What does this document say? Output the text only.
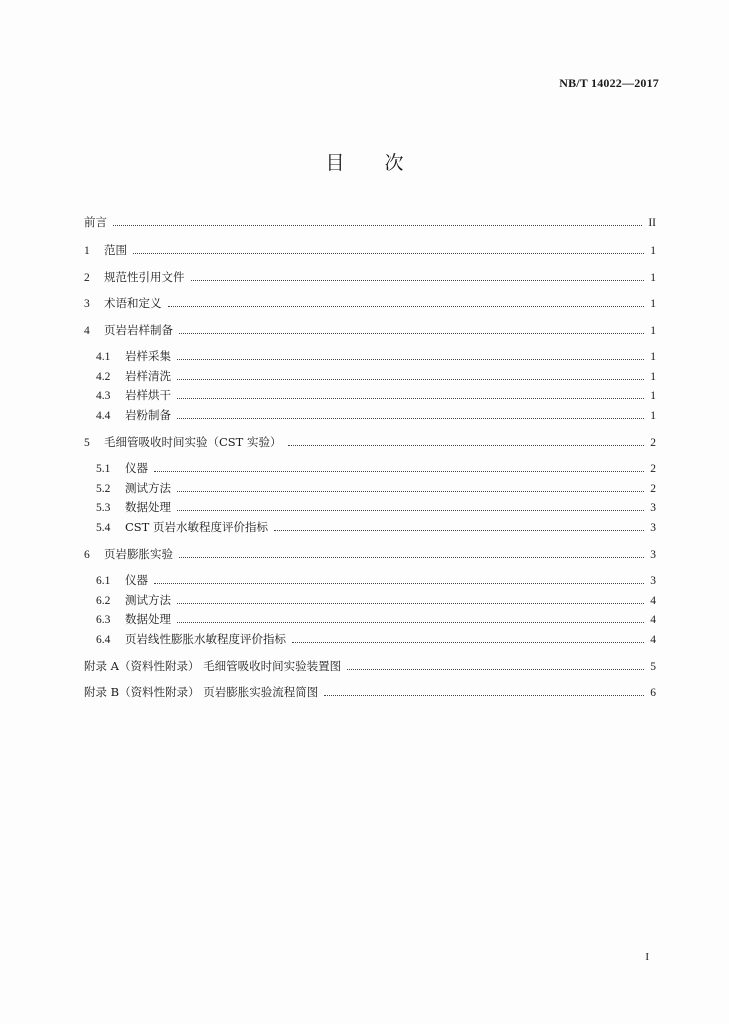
NB/T 14022—2017
目次
前言	II
1	范围	1
2	规范性引用文件	1
3	术语和定义	1
4	页岩岩样制备	1
4.1	岩样采集	1
4.2	岩样清洗	1
4.3	岩样烘干	1
4.4	岩粉制备	1
5	毛细管吸收时间实验（CST 实验）	2
5.1	仪器	2
5.2	测试方法	2
5.3	数据处理	3
5.4	CST 页岩水敏程度评价指标	3
6	页岩膨胀实验	3
6.1	仪器	3
6.2	测试方法	4
6.3	数据处理	4
6.4	页岩线性膨胀水敏程度评价指标	4
附录 A（资料性附录） 毛细管吸收时间实验装置图	5
附录 B（资料性附录） 页岩膨胀实验流程简图	6
I
